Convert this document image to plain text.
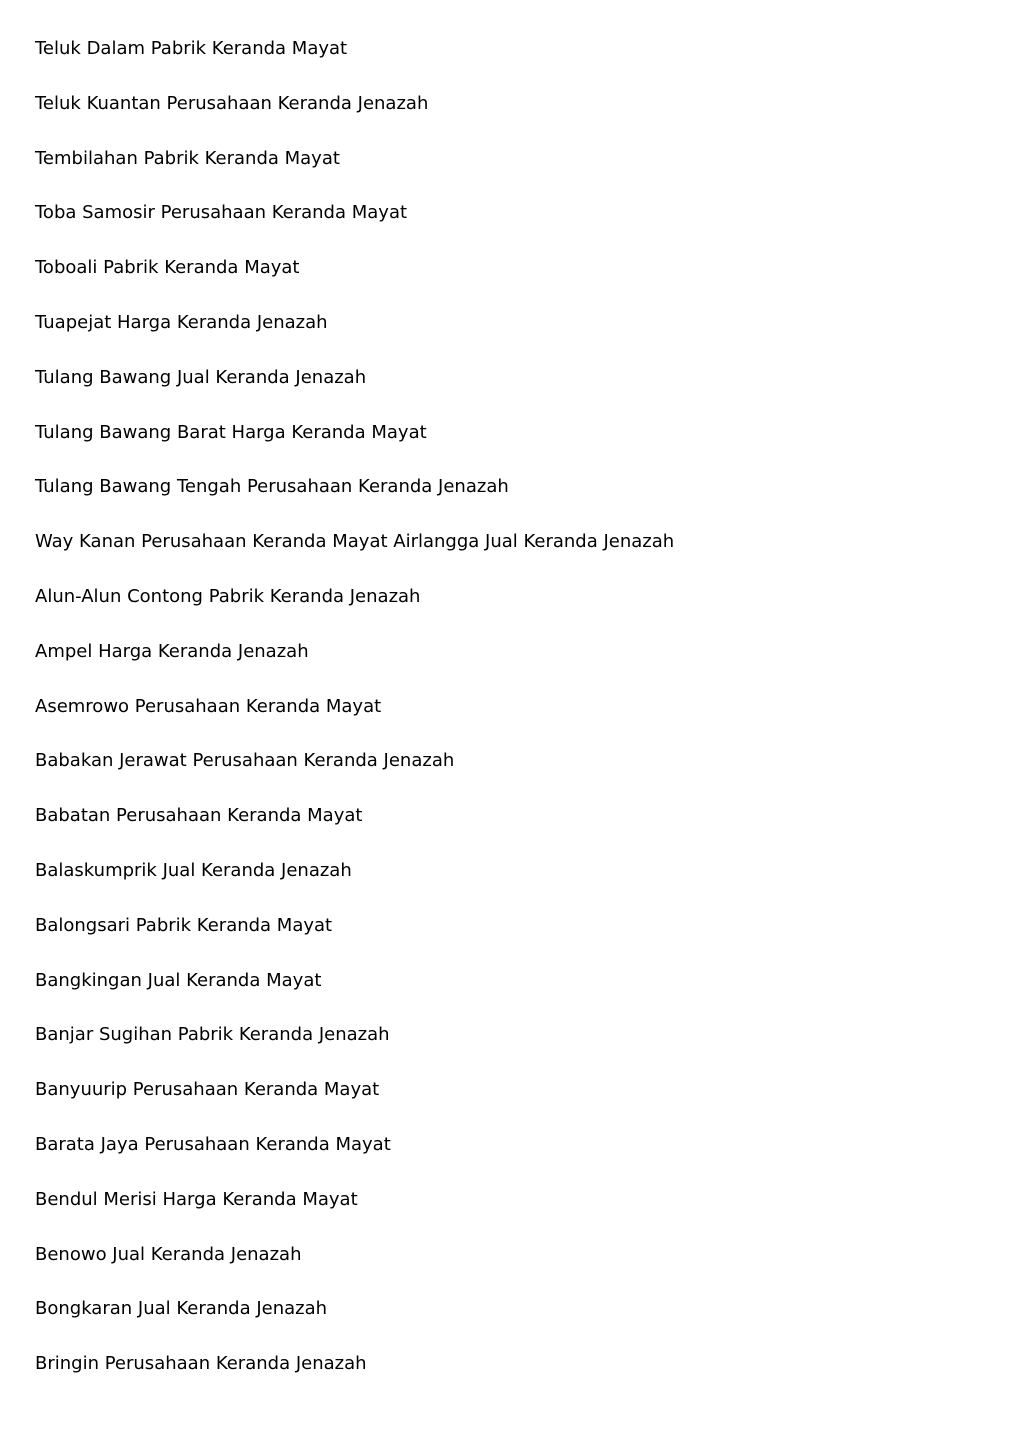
Teluk Dalam Pabrik Keranda Mayat
Teluk Kuantan Perusahaan Keranda Jenazah
Tembilahan Pabrik Keranda Mayat
Toba Samosir Perusahaan Keranda Mayat
Toboali Pabrik Keranda Mayat
Tuapejat Harga Keranda Jenazah
Tulang Bawang Jual Keranda Jenazah
Tulang Bawang Barat Harga Keranda Mayat
Tulang Bawang Tengah Perusahaan Keranda Jenazah
Way Kanan Perusahaan Keranda Mayat Airlangga Jual Keranda Jenazah
Alun-Alun Contong Pabrik Keranda Jenazah
Ampel Harga Keranda Jenazah
Asemrowo Perusahaan Keranda Mayat
Babakan Jerawat Perusahaan Keranda Jenazah
Babatan Perusahaan Keranda Mayat
Balaskumprik Jual Keranda Jenazah
Balongsari Pabrik Keranda Mayat
Bangkingan Jual Keranda Mayat
Banjar Sugihan Pabrik Keranda Jenazah
Banyuurip Perusahaan Keranda Mayat
Barata Jaya Perusahaan Keranda Mayat
Bendul Merisi Harga Keranda Mayat
Benowo Jual Keranda Jenazah
Bongkaran Jual Keranda Jenazah
Bringin Perusahaan Keranda Jenazah
